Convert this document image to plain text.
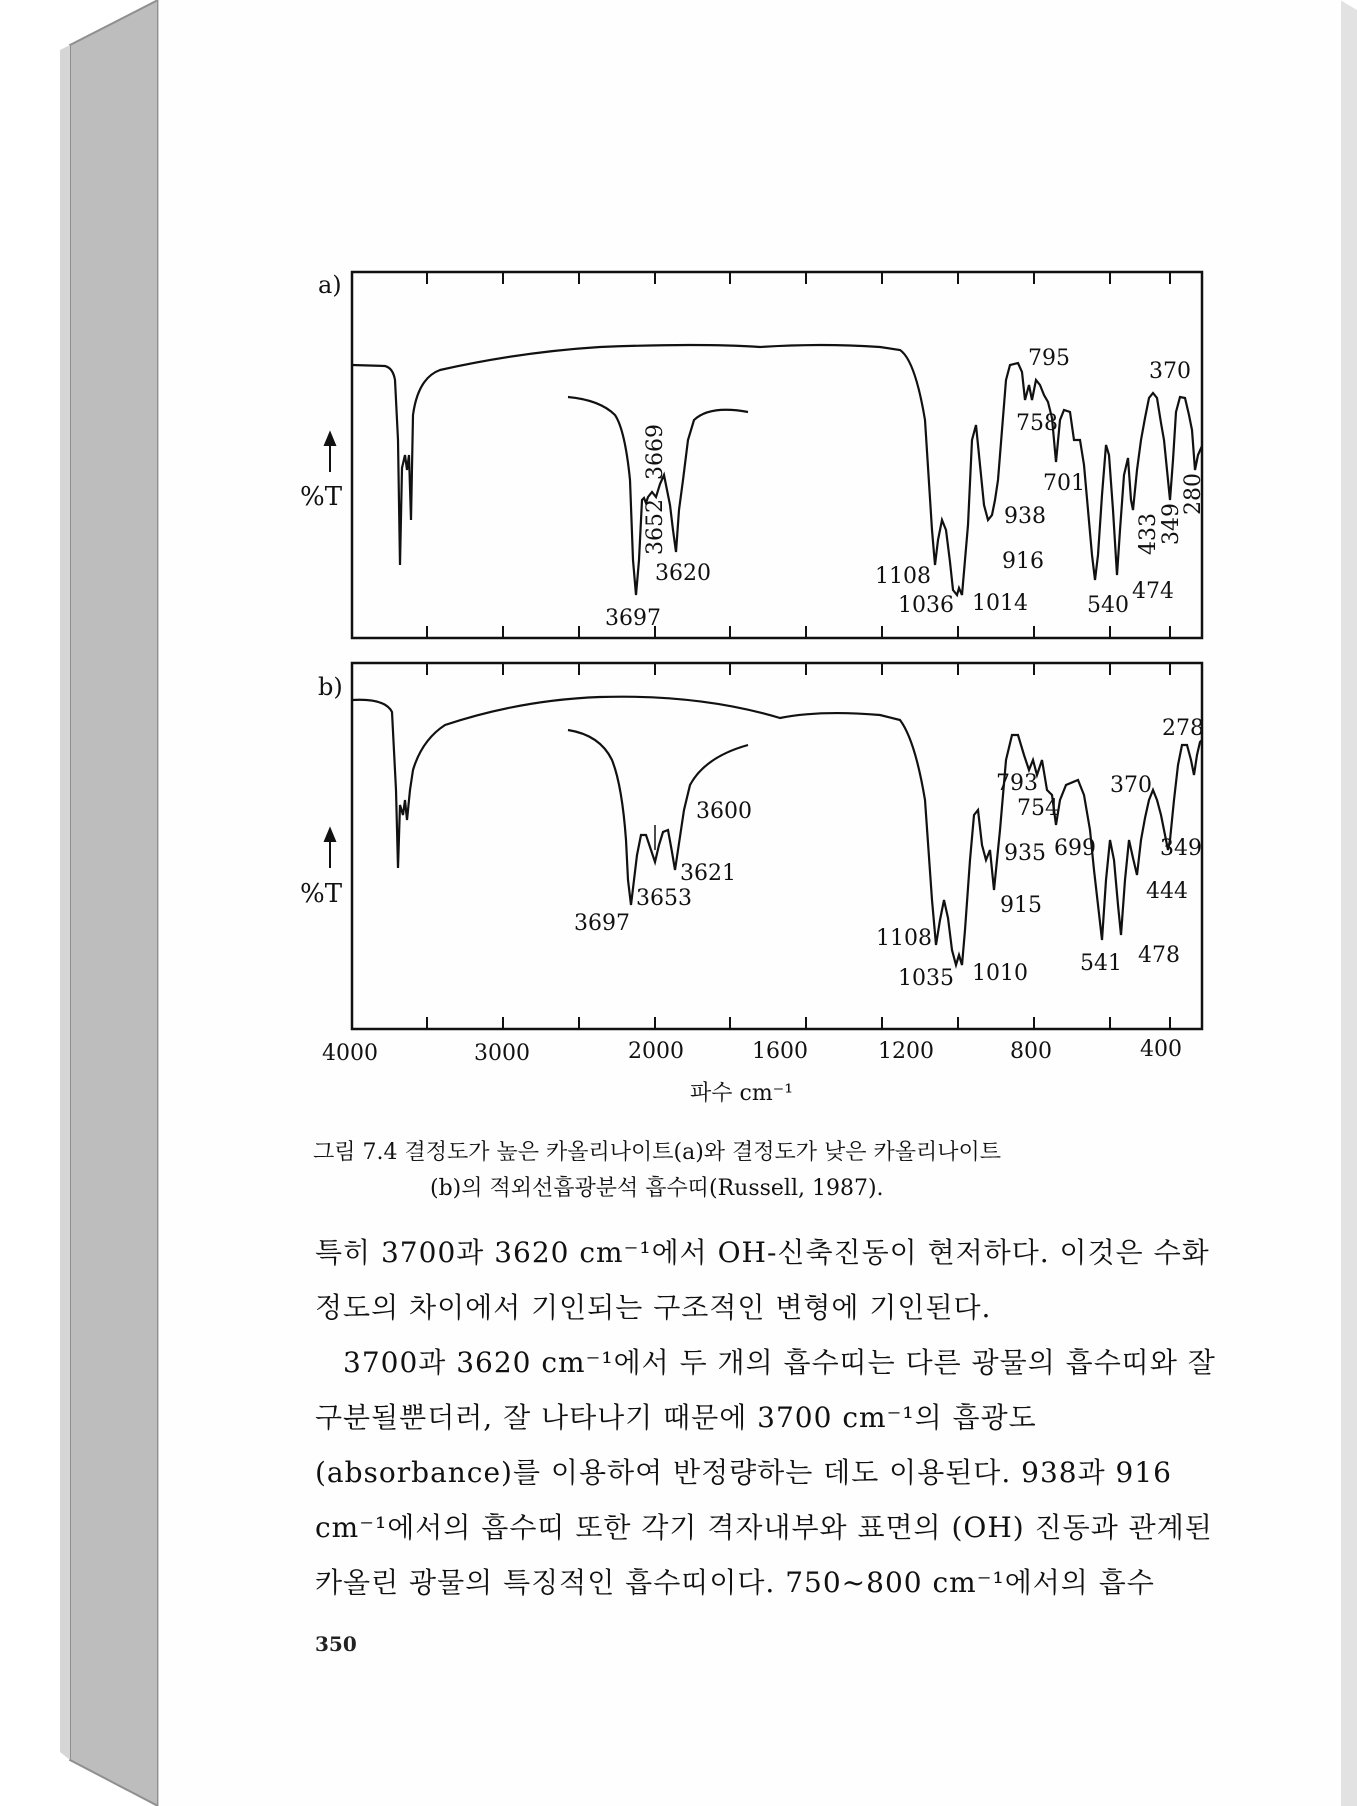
a)
%T
795
758
370
701
938
916
433
349
280
1108
1036 1014	540
474
3669
3652
3620
3697
b)
%T
278
793
754
370
935 699	349
444
915
1108
1035 1010 541 478
3600
3621
3653
3697
4000	3000	2000	1600	1200	800	400
파수 cm⁻¹
그림 7.4 결정도가 높은 카올리나이트(a)와 결정도가 낮은 카올리나이트
(b)의 적외선흡광분석 흡수띠(Russell, 1987).
특히 3700과 3620 cm⁻¹에서 OH-신축진동이 현저하다. 이것은 수화 정도의 차이에서 기인되는 구조적인 변형에 기인된다.
3700과 3620 cm⁻¹에서 두 개의 흡수띠는 다른 광물의 흡수띠와 잘 구분될뿐더러, 잘 나타나기 때문에 3700 cm⁻¹의 흡광도(absorbance)를 이용하여 반정량하는 데도 이용된다. 938과 916 cm⁻¹에서의 흡수띠 또한 각기 격자내부와 표면의 (OH) 진동과 관계된 카올린 광물의 특징적인 흡수띠이다. 750~800 cm⁻¹에서의 흡수
350
